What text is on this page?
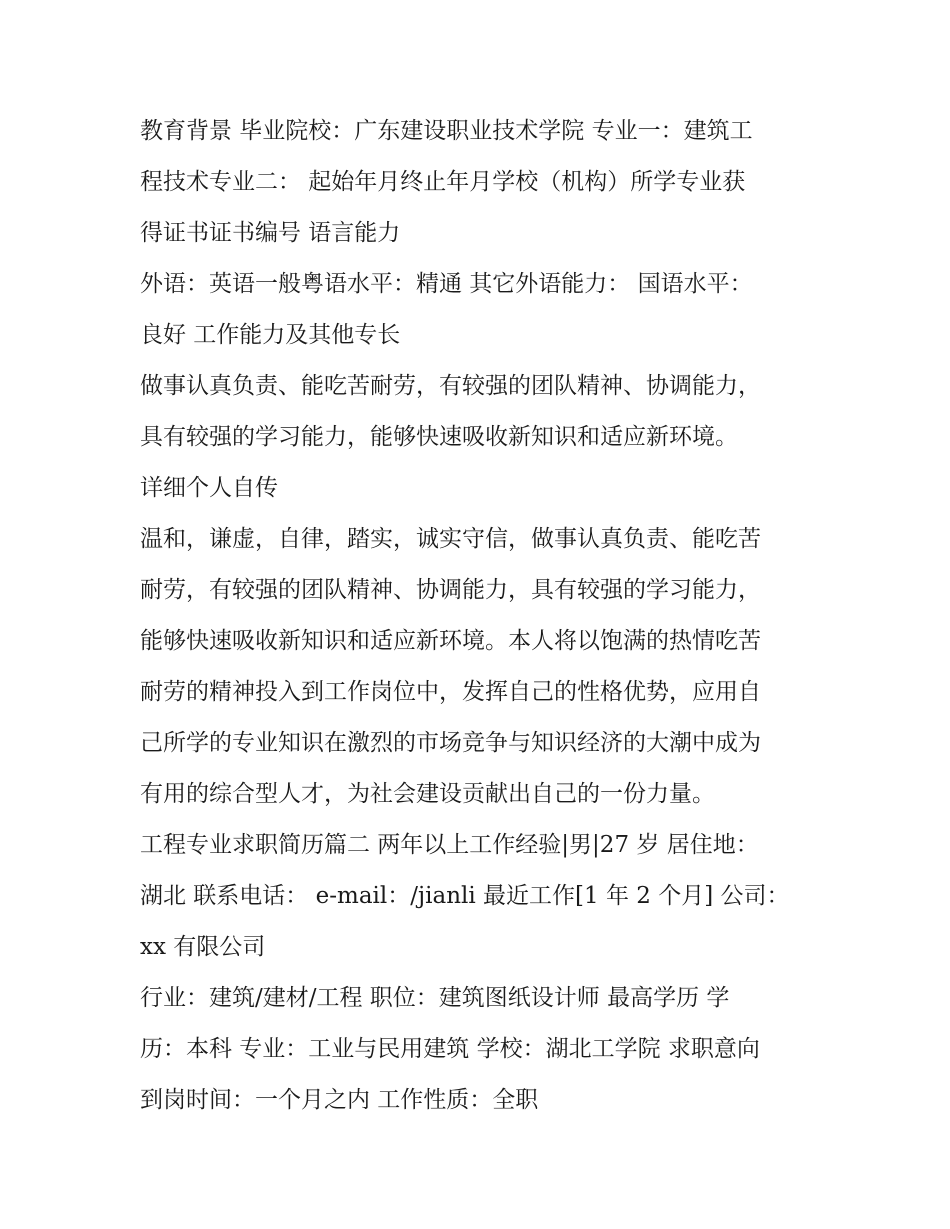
教育背景 毕业院校：广东建设职业技术学院 专业一：建筑工
程技术专业二： 起始年月终止年月学校（机构）所学专业获
得证书证书编号 语言能力
外语：英语一般粤语水平：精通 其它外语能力： 国语水平：
良好 工作能力及其他专长
做事认真负责、能吃苦耐劳，有较强的团队精神、协调能力，
具有较强的学习能力，能够快速吸收新知识和适应新环境。
详细个人自传
温和，谦虚，自律，踏实，诚实守信，做事认真负责、能吃苦
耐劳，有较强的团队精神、协调能力，具有较强的学习能力，
能够快速吸收新知识和适应新环境。本人将以饱满的热情吃苦
耐劳的精神投入到工作岗位中，发挥自己的性格优势，应用自
己所学的专业知识在激烈的市场竞争与知识经济的大潮中成为
有用的综合型人才，为社会建设贡献出自己的一份力量。
工程专业求职简历篇二 两年以上工作经验|男|27 岁 居住地：
湖北 联系电话： e-mail：/jianli 最近工作[1 年 2 个月] 公司：
xx 有限公司
行业：建筑/建材/工程 职位：建筑图纸设计师 最高学历 学
历：本科 专业：工业与民用建筑 学校：湖北工学院 求职意向
到岗时间：一个月之内 工作性质：全职
